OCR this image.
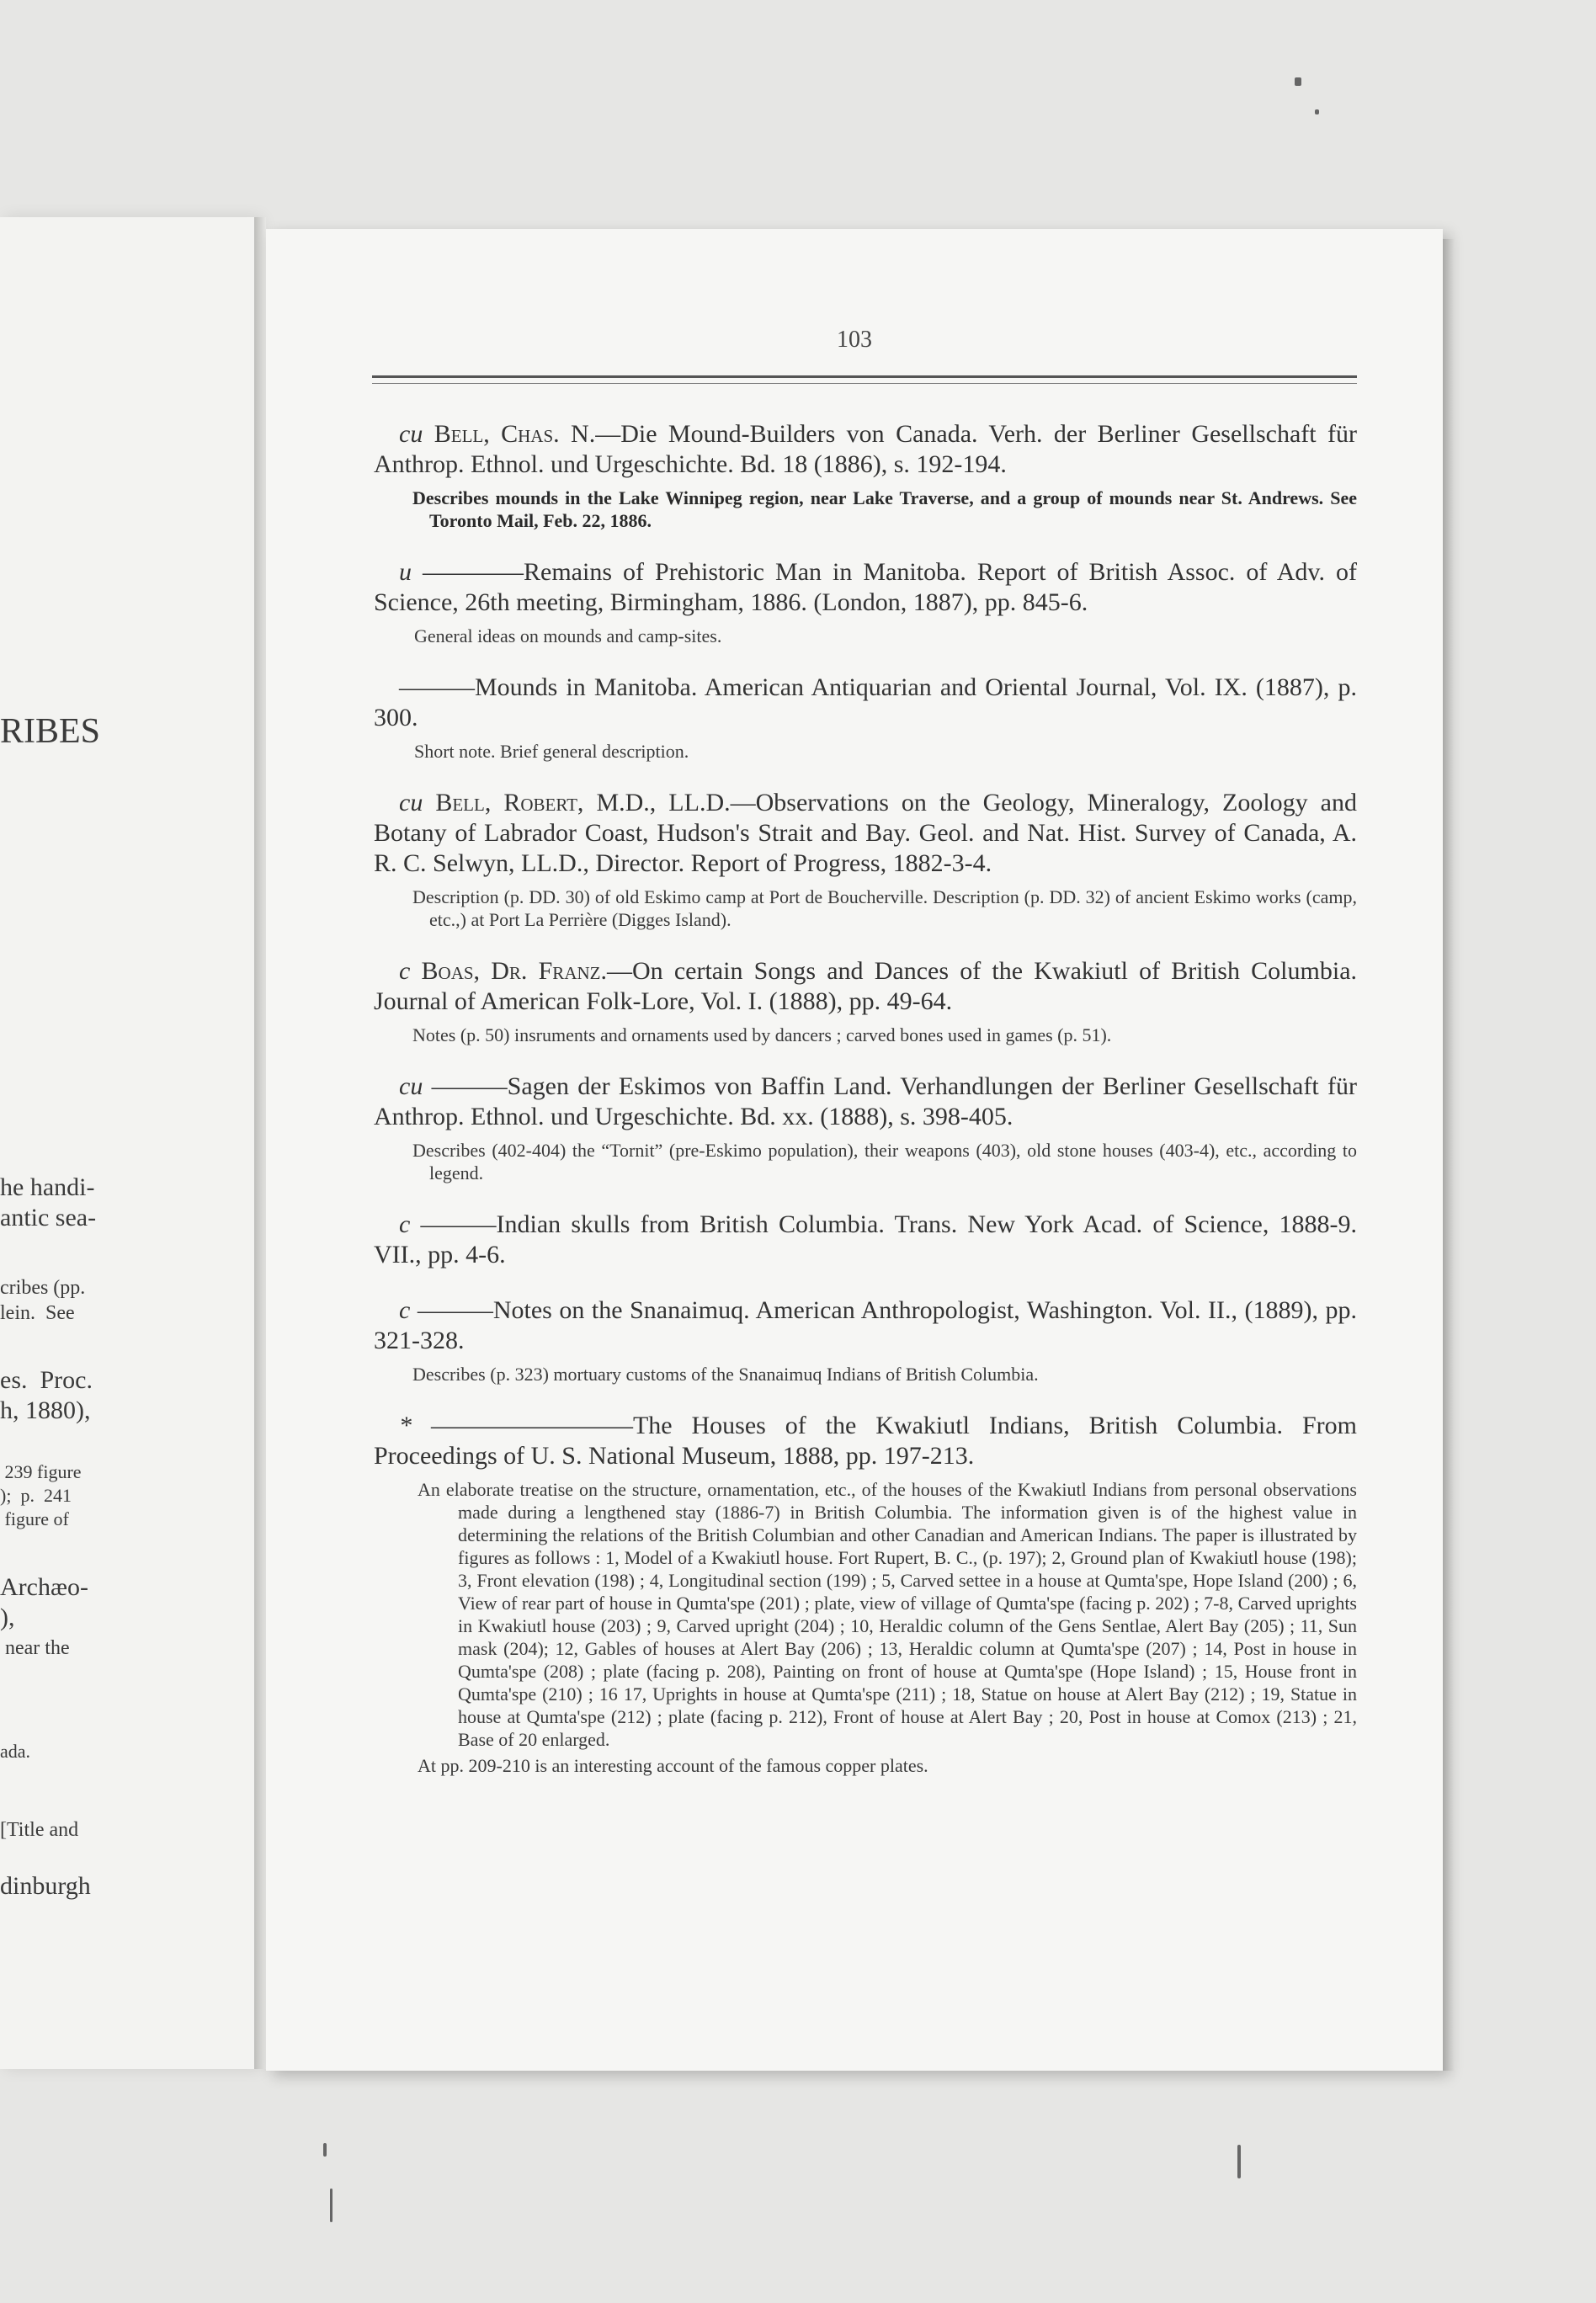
RIBES
he handi-
antic sea-
cribes (pp.
lein.  See
es.  Proc.
h, 1880),
239 figure
);  p.  241
figure of
Archæo-
),
near the
ada.
[Title and
dinburgh
103

cu Bell, Chas. N.—Die Mound-Builders von Canada. Verh. der Berliner Gesellschaft für Anthrop. Ethnol. und Urgeschichte. Bd. 18 (1886), s. 192-194.

Describes mounds in the Lake Winnipeg region, near Lake Traverse, and a group of mounds near St. Andrews. See Toronto Mail, Feb. 22, 1886.

u ————Remains of Prehistoric Man in Manitoba. Report of British Assoc. of Adv. of Science, 26th meeting, Birmingham, 1886. (London, 1887), pp. 845-6.

General ideas on mounds and camp-sites.

———Mounds in Manitoba. American Antiquarian and Oriental Journal, Vol. IX. (1887), p. 300.

Short note. Brief general description.

cu Bell, Robert, M.D., LL.D.—Observations on the Geology, Mineralogy, Zoology and Botany of Labrador Coast, Hudson's Strait and Bay. Geol. and Nat. Hist. Survey of Canada, A. R. C. Selwyn, LL.D., Director. Report of Progress, 1882-3-4.

Description (p. DD. 30) of old Eskimo camp at Port de Boucherville. Description (p. DD. 32) of ancient Eskimo works (camp, etc.,) at Port La Perrière (Digges Island).

c Boas, Dr. Franz.—On certain Songs and Dances of the Kwakiutl of British Columbia. Journal of American Folk-Lore, Vol. I. (1888), pp. 49-64.

Notes (p. 50) insruments and ornaments used by dancers ; carved bones used in games (p. 51).

cu ———Sagen der Eskimos von Baffin Land. Verhandlungen der Berliner Gesellschaft für Anthrop. Ethnol. und Urgeschichte. Bd. xx. (1888), s. 398-405.

Describes (402-404) the “Tornit” (pre-Eskimo population), their weapons (403), old stone houses (403-4), etc., according to legend.

c ———Indian skulls from British Columbia. Trans. New York Acad. of Science, 1888-9. VII., pp. 4-6.

c ———Notes on the Snanaimuq. American Anthropologist, Washington. Vol. II., (1889), pp. 321-328.

Describes (p. 323) mortuary customs of the Snanaimuq Indians of British Columbia.

* ————————The Houses of the Kwakiutl Indians, British Columbia. From Proceedings of U. S. National Museum, 1888, pp. 197-213.

An elaborate treatise on the structure, ornamentation, etc., of the houses of the Kwakiutl Indians from personal observations made during a lengthened stay (1886-7) in British Columbia. The information given is of the highest value in determining the relations of the British Columbian and other Canadian and American Indians. The paper is illustrated by figures as follows : 1, Model of a Kwakiutl house. Fort Rupert, B. C., (p. 197); 2, Ground plan of Kwakiutl house (198); 3, Front elevation (198) ; 4, Longitudinal section (199) ; 5, Carved settee in a house at Qumta'spe, Hope Island (200) ; 6, View of rear part of house in Qumta'spe (201) ; plate, view of village of Qumta'spe (facing p. 202) ; 7-8, Carved uprights in Kwakiutl house (203) ; 9, Carved upright (204) ; 10, Heraldic column of the Gens Sentlae, Alert Bay (205) ; 11, Sun mask (204); 12, Gables of houses at Alert Bay (206) ; 13, Heraldic column at Qumta'spe (207) ; 14, Post in house in Qumta'spe (208) ; plate (facing p. 208), Painting on front of house at Qumta'spe (Hope Island) ; 15, House front in Qumta'spe (210) ; 16 17, Uprights in house at Qumta'spe (211) ; 18, Statue on house at Alert Bay (212) ; 19, Statue in house at Qumta'spe (212) ; plate (facing p. 212), Front of house at Alert Bay ; 20, Post in house at Comox (213) ; 21, Base of 20 enlarged.

At pp. 209-210 is an interesting account of the famous copper plates.
